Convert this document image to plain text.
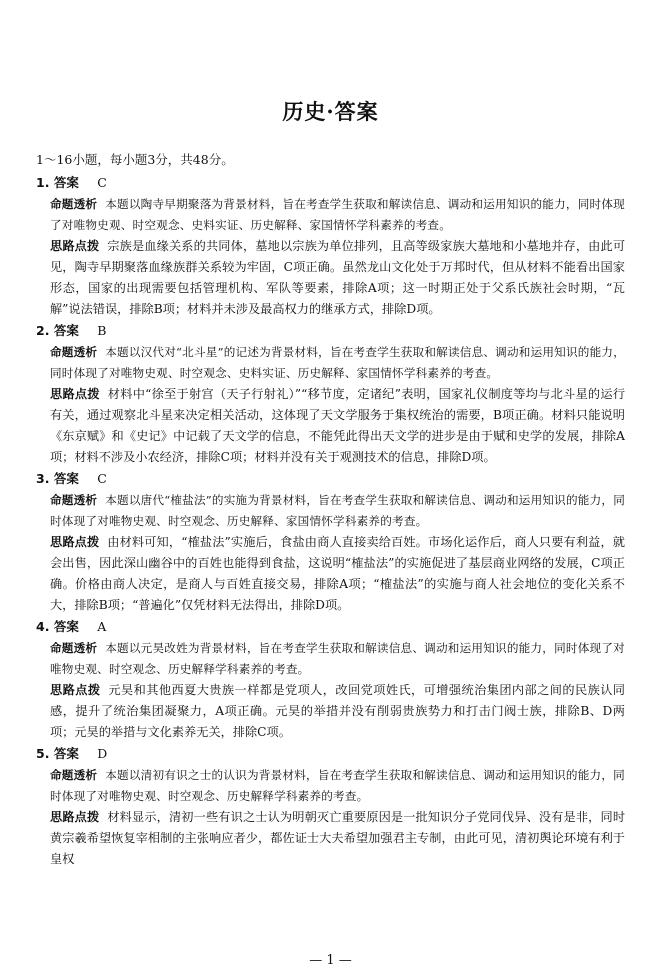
历史·答案
1～16小题，每小题3分，共48分。
1. 答案 C

命题透析 本题以陶寺早期聚落为背景材料，旨在考查学生获取和解读信息、调动和运用知识的能力，同时体现了对唯物史观、时空观念、史料实证、历史解释、家国情怀学科素养的考查。

思路点拨 宗族是血缘关系的共同体，墓地以宗族为单位排列，且高等级家族大墓地和小墓地并存，由此可见，陶寺早期聚落血缘族群关系较为牢固，C项正确。虽然龙山文化处于万邦时代，但从材料不能看出国家形态，国家的出现需要包括管理机构、军队等要素，排除A项；这一时期正处于父系氏族社会时期，“瓦解”说法错误，排除B项；材料并未涉及最高权力的继承方式，排除D项。

2. 答案 B

命题透析 本题以汉代对“北斗星”的记述为背景材料，旨在考查学生获取和解读信息、调动和运用知识的能力，同时体现了对唯物史观、时空观念、史料实证、历史解释、家国情怀学科素养的考查。

思路点拨 材料中“徐至于射宫（天子行射礼）”“移节度，定诸纪”表明，国家礼仪制度等均与北斗星的运行有关，通过观察北斗星来决定相关活动，这体现了天文学服务于集权统治的需要，B项正确。材料只能说明《东京赋》和《史记》中记载了天文学的信息，不能凭此得出天文学的进步是由于赋和史学的发展，排除A项；材料不涉及小农经济，排除C项；材料并没有关于观测技术的信息，排除D项。

3. 答案 C

命题透析 本题以唐代“榷盐法”的实施为背景材料，旨在考查学生获取和解读信息、调动和运用知识的能力，同时体现了对唯物史观、时空观念、历史解释、家国情怀学科素养的考查。

思路点拨 由材料可知，“榷盐法”实施后，食盐由商人直接卖给百姓。市场化运作后，商人只要有利益，就会出售，因此深山幽谷中的百姓也能得到食盐，这说明“榷盐法”的实施促进了基层商业网络的发展，C项正确。价格由商人决定，是商人与百姓直接交易，排除A项；“榷盐法”的实施与商人社会地位的变化关系不大，排除B项；“普遍化”仅凭材料无法得出，排除D项。

4. 答案 A

命题透析 本题以元昊改姓为背景材料，旨在考查学生获取和解读信息、调动和运用知识的能力，同时体现了对唯物史观、时空观念、历史解释学科素养的考查。

思路点拨 元昊和其他西夏大贵族一样都是党项人，改回党项姓氏，可增强统治集团内部之间的民族认同感，提升了统治集团凝聚力，A项正确。元昊的举措并没有削弱贵族势力和打击门阀士族，排除B、D两项；元昊的举措与文化素养无关，排除C项。

5. 答案 D

命题透析 本题以清初有识之士的认识为背景材料，旨在考查学生获取和解读信息、调动和运用知识的能力，同时体现了对唯物史观、时空观念、历史解释学科素养的考查。

思路点拨 材料显示，清初一些有识之士认为明朝灭亡重要原因是一批知识分子党同伐异、没有是非，同时黄宗羲希望恢复宰相制的主张响应者少，都佐证士大夫希望加强君主专制，由此可见，清初舆论环境有利于皇权

— 1 —
